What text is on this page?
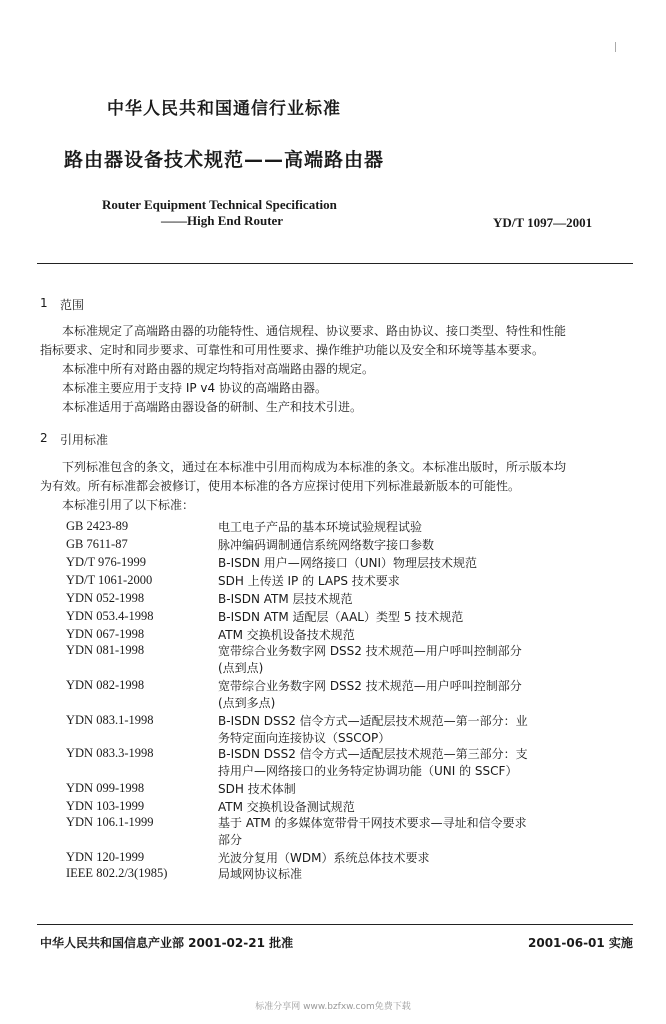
中华人民共和国通信行业标准
路由器设备技术规范——高端路由器
Router Equipment Technical Specification
——High End Router	YD/T 1097—2001
1 范围
本标准规定了高端路由器的功能特性、通信规程、协议要求、路由协议、接口类型、特性和性能
指标要求、定时和同步要求、可靠性和可用性要求、操作维护功能以及安全和环境等基本要求。
本标准中所有对路由器的规定均特指对高端路由器的规定。
本标准主要应用于支持 IP v4 协议的高端路由器。
本标准适用于高端路由器设备的研制、生产和技术引进。
2 引用标准
下列标准包含的条文，通过在本标准中引用而构成为本标准的条文。本标准出版时，所示版本均
为有效。所有标准都会被修订，使用本标准的各方应探讨使用下列标准最新版本的可能性。
本标准引用了以下标准：
GB 2423-89	电工电子产品的基本环境试验规程试验
GB 7611-87	脉冲编码调制通信系统网络数字接口参数
YD/T 976-1999	B-ISDN 用户—网络接口（UNI）物理层技术规范
YD/T 1061-2000	SDH 上传送 IP 的 LAPS 技术要求
YDN 052-1998	B-ISDN ATM 层技术规范
YDN 053.4-1998	B-ISDN ATM 适配层（AAL）类型 5 技术规范
YDN 067-1998	ATM 交换机设备技术规范
YDN 081-1998	宽带综合业务数字网 DSS2 技术规范—用户呼叫控制部分
(点到点)
YDN 082-1998	宽带综合业务数字网 DSS2 技术规范—用户呼叫控制部分
(点到多点)
YDN 083.1-1998	B-ISDN DSS2 信令方式—适配层技术规范—第一部分：业
务特定面向连接协议（SSCOP）
YDN 083.3-1998	B-ISDN DSS2 信令方式—适配层技术规范—第三部分：支
持用户—网络接口的业务特定协调功能（UNI 的 SSCF）
YDN 099-1998	SDH 技术体制
YDN 103-1999	ATM 交换机设备测试规范
YDN 106.1-1999	基于 ATM 的多媒体宽带骨干网技术要求—寻址和信令要求
部分
YDN 120-1999	光波分复用（WDM）系统总体技术要求
IEEE 802.2/3(1985)	局域网协议标准
中华人民共和国信息产业部 2001-02-21 批准	2001-06-01 实施
标准分享网 www.bzfxw.com免费下载
